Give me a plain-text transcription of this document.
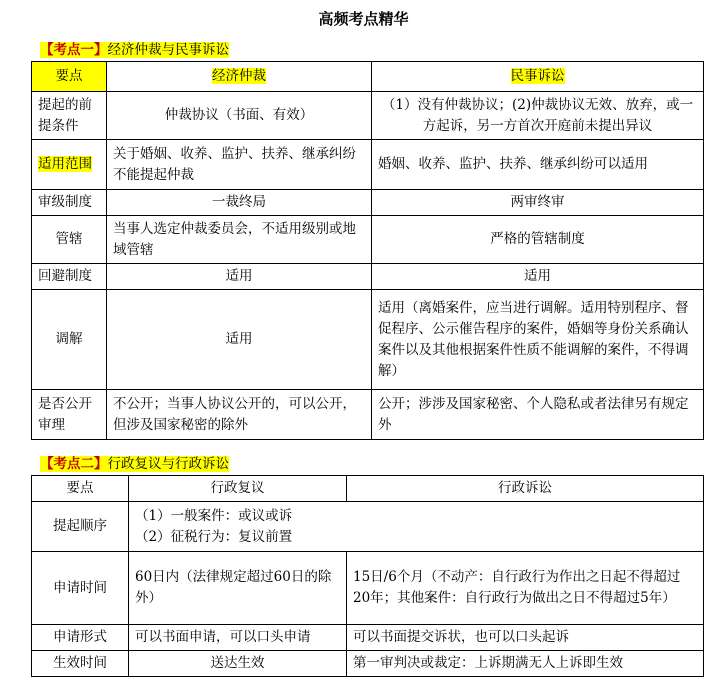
高频考点精华
【考点一】经济仲裁与民事诉讼
要点	经济仲裁	民事诉讼
提起的前提条件	仲裁协议（书面、有效）	（1）没有仲裁协议；(2)仲裁协议无效、放弃，或一方起诉，另一方首次开庭前未提出异议
适用范围	关于婚姻、收养、监护、扶养、继承纠纷不能提起仲裁	婚姻、收养、监护、扶养、继承纠纷可以适用
审级制度	一裁终局	两审终审
管辖	当事人选定仲裁委员会，不适用级别或地域管辖	严格的管辖制度
回避制度	适用	适用
调解	适用	适用（离婚案件，应当进行调解。适用特别程序、督促程序、公示催告程序的案件，婚姻等身份关系确认案件以及其他根据案件性质不能调解的案件，不得调解）
是否公开审理	不公开；当事人协议公开的，可以公开，但涉及国家秘密的除外	公开；涉涉及国家秘密、个人隐私或者法律另有规定外
【考点二】行政复议与行政诉讼
要点	行政复议	行政诉讼
提起顺序	（1）一般案件：或议或诉
（2）征税行为：复议前置	

申请时间	60日内（法律规定超过60日的除外）	15日/6个月（不动产：自行政行为作出之日起不得超过20年；其他案件：自行政行为做出之日不得超过5年）
申请形式	可以书面申请，可以口头申请	可以书面提交诉状，也可以口头起诉
生效时间	送达生效	第一审判决或裁定：上诉期满无人上诉即生效
